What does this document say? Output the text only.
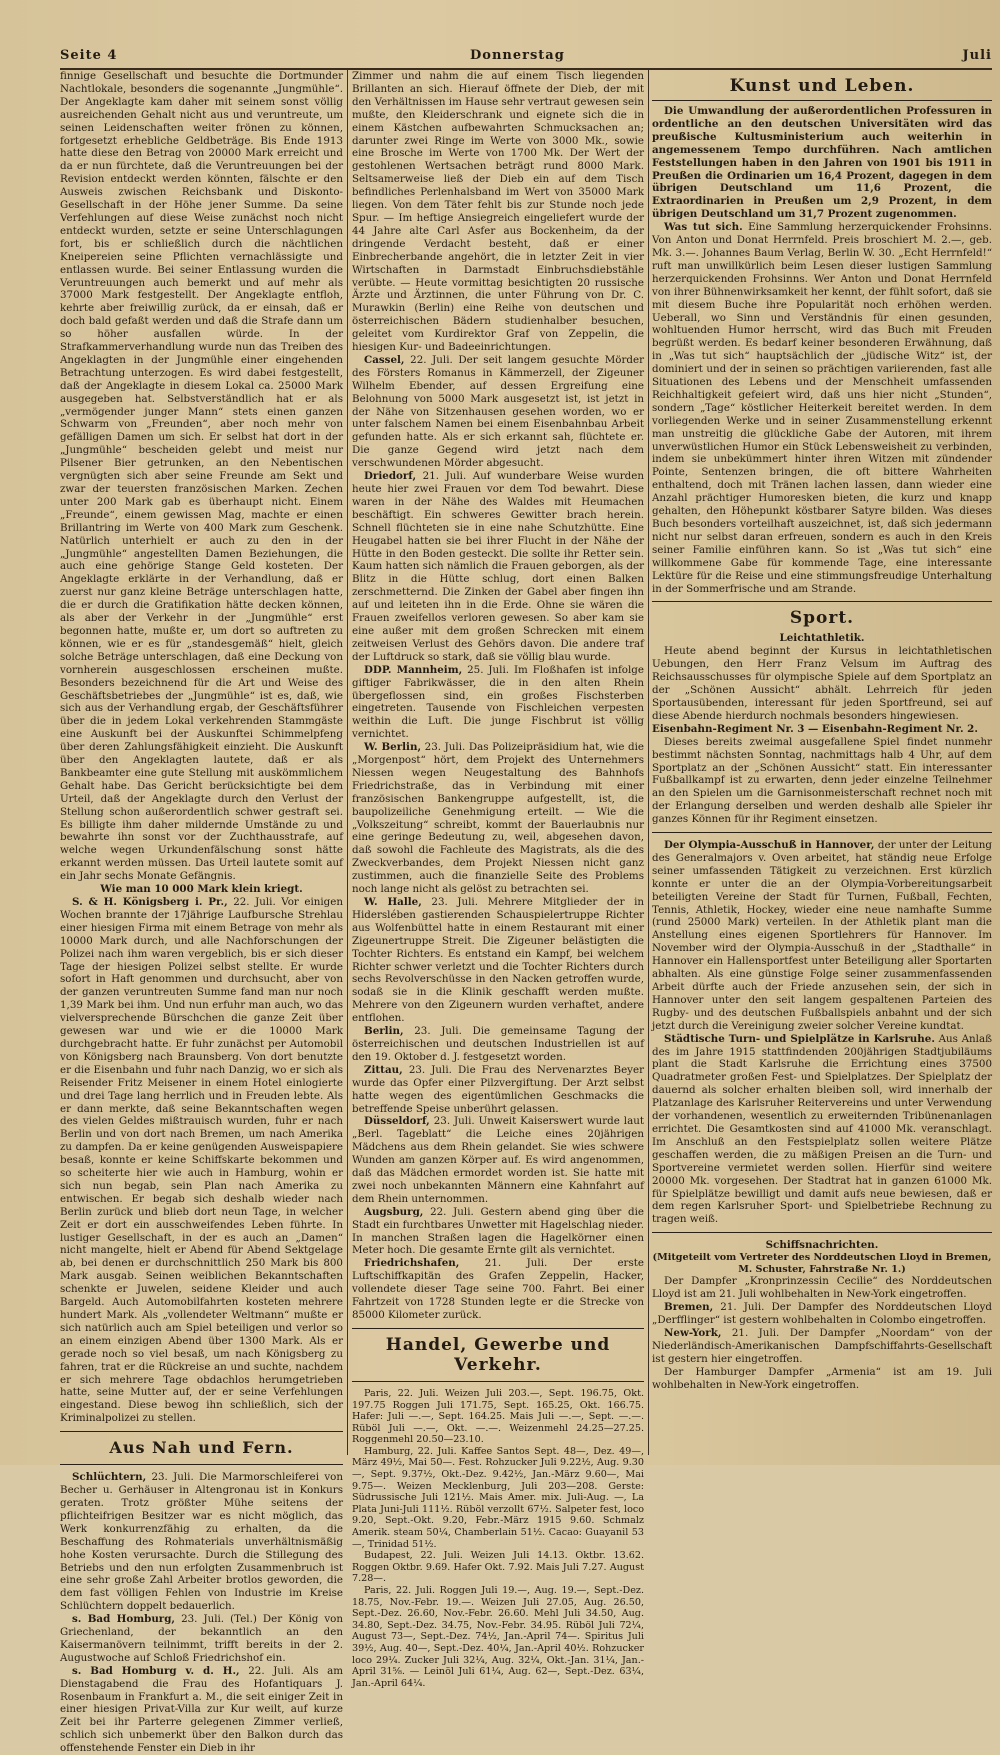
Seite 4	Donnerstag	Juli

finnige Gesellschaft und besuchte die Dortmunder Nachtlokale, besonders die sogenannte „Jungmühle“. Der Angeklagte kam daher mit seinem sonst völlig ausreichenden Gehalt nicht aus und veruntreute, um seinen Leidenschaften weiter frönen zu können, fortgesetzt erhebliche Geldbeträge. Bis Ende 1913 hatte diese den Betrag von 20000 Mark erreicht und da er nun fürchtete, daß die Veruntreuungen bei der Revision entdeckt werden könnten, fälschte er den Ausweis zwischen Reichsbank und Diskonto-Gesellschaft in der Höhe jener Summe. Da seine Verfehlungen auf diese Weise zunächst noch nicht entdeckt wurden, setzte er seine Unterschlagungen fort, bis er schließlich durch die nächtlichen Kneipereien seine Pflichten vernachlässigte und entlassen wurde. Bei seiner Entlassung wurden die Veruntreuungen auch bemerkt und auf mehr als 37000 Mark festgestellt. Der Angeklagte entfloh, kehrte aber freiwillig zurück, da er einsah, daß er doch bald gefaßt werden und daß die Strafe dann um so höher ausfallen würde. In der Strafkammerverhandlung wurde nun das Treiben des Angeklagten in der Jungmühle einer eingehenden Betrachtung unterzogen. Es wird dabei festgestellt, daß der Angeklagte in diesem Lokal ca. 25000 Mark ausgegeben hat. Selbstverständlich hat er als „vermögender junger Mann“ stets einen ganzen Schwarm von „Freunden“, aber noch mehr von gefälligen Damen um sich. Er selbst hat dort in der „Jungmühle“ bescheiden gelebt und meist nur Pilsener Bier getrunken, an den Nebentischen vergnügten sich aber seine Freunde am Sekt und zwar der teuersten französischen Marken. Zechen unter 200 Mark gab es überhaupt nicht. Einem „Freunde“, einem gewissen Mag, machte er einen Brillantring im Werte von 400 Mark zum Geschenk. Natürlich unterhielt er auch zu den in der „Jungmühle“ angestellten Damen Beziehungen, die auch eine gehörige Stange Geld kosteten. Der Angeklagte erklärte in der Verhandlung, daß er zuerst nur ganz kleine Beträge unterschlagen hatte, die er durch die Gratifikation hätte decken können, als aber der Verkehr in der „Jungmühle“ erst begonnen hatte, mußte er, um dort so auftreten zu können, wie er es für „standesgemäß“ hielt, gleich solche Beträge unterschlagen, daß eine Deckung von vornherein ausgeschlossen erscheinen mußte. Besonders bezeichnend für die Art und Weise des Geschäftsbetriebes der „Jungmühle“ ist es, daß, wie sich aus der Verhandlung ergab, der Geschäftsführer über die in jedem Lokal verkehrenden Stammgäste eine Auskunft bei der Auskunftei Schimmelpfeng über deren Zahlungsfähigkeit einzieht. Die Auskunft über den Angeklagten lautete, daß er als Bankbeamter eine gute Stellung mit auskömmlichem Gehalt habe. Das Gericht berücksichtigte bei dem Urteil, daß der Angeklagte durch den Verlust der Stellung schon außerordentlich schwer gestraft sei. Es billigte ihm daher mildernde Umstände zu und bewahrte ihn sonst vor der Zuchthausstrafe, auf welche wegen Urkundenfälschung sonst hätte erkannt werden müssen. Das Urteil lautete somit auf ein Jahr sechs Monate Gefängnis.

Wie man 10 000 Mark klein kriegt.

S. & H. Königsberg i. Pr., 22. Juli. Vor einigen Wochen brannte der 17jährige Laufbursche Strehlau einer hiesigen Firma mit einem Betrage von mehr als 10000 Mark durch, und alle Nachforschungen der Polizei nach ihm waren vergeblich, bis er sich dieser Tage der hiesigen Polizei selbst stellte. Er wurde sofort in Haft genommen und durchsucht, aber von der ganzen veruntreuten Summe fand man nur noch 1,39 Mark bei ihm. Und nun erfuhr man auch, wo das vielversprechende Bürschchen die ganze Zeit über gewesen war und wie er die 10000 Mark durchgebracht hatte. Er fuhr zunächst per Automobil von Königsberg nach Braunsberg. Von dort benutzte er die Eisenbahn und fuhr nach Danzig, wo er sich als Reisender Fritz Meisener in einem Hotel einlogierte und drei Tage lang herrlich und in Freuden lebte. Als er dann merkte, daß seine Bekanntschaften wegen des vielen Geldes mißtrauisch wurden, fuhr er nach Berlin und von dort nach Bremen, um nach Amerika zu dampfen. Da er keine genügenden Ausweispapiere besaß, konnte er keine Schiffskarte bekommen und so scheiterte hier wie auch in Hamburg, wohin er sich nun begab, sein Plan nach Amerika zu entwischen. Er begab sich deshalb wieder nach Berlin zurück und blieb dort neun Tage, in welcher Zeit er dort ein ausschweifendes Leben führte. In lustiger Gesellschaft, in der es auch an „Damen“ nicht mangelte, hielt er Abend für Abend Sektgelage ab, bei denen er durchschnittlich 250 Mark bis 800 Mark ausgab. Seinen weiblichen Bekanntschaften schenkte er Juwelen, seidene Kleider und auch Bargeld. Auch Automobilfahrten kosteten mehrere hundert Mark. Als „vollendeter Weltmann“ mußte er sich natürlich auch am Spiel beteiligen und verlor so an einem einzigen Abend über 1300 Mark. Als er gerade noch so viel besaß, um nach Königsberg zu fahren, trat er die Rückreise an und suchte, nachdem er sich mehrere Tage obdachlos herumgetrieben hatte, seine Mutter auf, der er seine Verfehlungen eingestand. Diese bewog ihn schließlich, sich der Kriminalpolizei zu stellen.

Aus Nah und Fern.

Schlüchtern, 23. Juli. Die Marmorschleiferei von Becher u. Gerhäuser in Altengronau ist in Konkurs geraten. Trotz größter Mühe seitens der pflichteifrigen Besitzer war es nicht möglich, das Werk konkurrenzfähig zu erhalten, da die Beschaffung des Rohmaterials unverhältnismäßig hohe Kosten verursachte. Durch die Stillegung des Betriebs und den nun erfolgten Zusammenbruch ist eine sehr große Zahl Arbeiter brotlos geworden, die dem fast völligen Fehlen von Industrie im Kreise Schlüchtern doppelt bedauerlich.

s. Bad Homburg, 23. Juli. (Tel.) Der König von Griechenland, der bekanntlich an den Kaisermanövern teilnimmt, trifft bereits in der 2. Augustwoche auf Schloß Friedrichshof ein.

s. Bad Homburg v. d. H., 22. Juli. Als am Dienstagabend die Frau des Hofantiquars J. Rosenbaum in Frankfurt a. M., die seit einiger Zeit in einer hiesigen Privat-Villa zur Kur weilt, auf kurze Zeit bei ihr Parterre gelegenen Zimmer verließ, schlich sich unbemerkt über den Balkon durch das offenstehende Fenster ein Dieb in ihr

Zimmer und nahm die auf einem Tisch liegenden Brillanten an sich. Hierauf öffnete der Dieb, der mit den Verhältnissen im Hause sehr vertraut gewesen sein mußte, den Kleiderschrank und eignete sich die in einem Kästchen aufbewahrten Schmucksachen an; darunter zwei Ringe im Werte von 3000 Mk., sowie eine Brosche im Werte von 1700 Mk. Der Wert der gestohlenen Wertsachen beträgt rund 8000 Mark. Seltsamerweise ließ der Dieb ein auf dem Tisch befindliches Perlenhalsband im Wert von 35000 Mark liegen. Von dem Täter fehlt bis zur Stunde noch jede Spur. — Im heftige Ansiegreich eingeliefert wurde der 44 Jahre alte Carl Asfer aus Bockenheim, da der dringende Verdacht besteht, daß er einer Einbrecherbande angehört, die in letzter Zeit in vier Wirtschaften in Darmstadt Einbruchsdiebstähle verübte. — Heute vormittag besichtigten 20 russische Ärzte und Ärztinnen, die unter Führung von Dr. C. Murawkin (Berlin) eine Reihe von deutschen und österreichischen Bädern studienhalber besuchen, geleitet vom Kurdirektor Graf von Zeppelin, die hiesigen Kur- und Badeeinrichtungen.

Cassel, 22. Juli. Der seit langem gesuchte Mörder des Försters Romanus in Kämmerzell, der Zigeuner Wilhelm Ebender, auf dessen Ergreifung eine Belohnung von 5000 Mark ausgesetzt ist, ist jetzt in der Nähe von Sitzenhausen gesehen worden, wo er unter falschem Namen bei einem Eisenbahnbau Arbeit gefunden hatte. Als er sich erkannt sah, flüchtete er. Die ganze Gegend wird jetzt nach dem verschwundenen Mörder abgesucht.

Driedorf, 21. Juli. Auf wunderbare Weise wurden heute hier zwei Frauen vor dem Tod bewahrt. Diese waren in der Nähe des Waldes mit Heumachen beschäftigt. Ein schweres Gewitter brach herein. Schnell flüchteten sie in eine nahe Schutzhütte. Eine Heugabel hatten sie bei ihrer Flucht in der Nähe der Hütte in den Boden gesteckt. Die sollte ihr Retter sein. Kaum hatten sich nämlich die Frauen geborgen, als der Blitz in die Hütte schlug, dort einen Balken zerschmetternd. Die Zinken der Gabel aber fingen ihn auf und leiteten ihn in die Erde. Ohne sie wären die Frauen zweifellos verloren gewesen. So aber kam sie eine außer mit dem großen Schrecken mit einem zeitweisen Verlust des Gehörs davon. Die andere traf der Luftdruck so stark, daß sie völlig blau wurde.

DDP. Mannheim, 25. Juli. Im Floßhafen ist infolge giftiger Fabrikwässer, die in den alten Rhein übergeflossen sind, ein großes Fischsterben eingetreten. Tausende von Fischleichen verpesten weithin die Luft. Die junge Fischbrut ist völlig vernichtet.

W. Berlin, 23. Juli. Das Polizeipräsidium hat, wie die „Morgenpost“ hört, dem Projekt des Unternehmers Niessen wegen Neugestaltung des Bahnhofs Friedrichstraße, das in Verbindung mit einer französischen Bankengruppe aufgestellt, ist, die baupolizeiliche Genehmigung erteilt. — Wie die „Volkszeitung“ schreibt, kommt der Bauerlaubnis nur eine geringe Bedeutung zu, weil, abgesehen davon, daß sowohl die Fachleute des Magistrats, als die des Zweckverbandes, dem Projekt Niessen nicht ganz zustimmen, auch die finanzielle Seite des Problems noch lange nicht als gelöst zu betrachten sei.

W. Halle, 23. Juli. Mehrere Mitglieder der in Hiderslében gastierenden Schauspielertruppe Richter aus Wolfenbüttel hatte in einem Restaurant mit einer Zigeunertruppe Streit. Die Zigeuner belästigten die Tochter Richters. Es entstand ein Kampf, bei welchem Richter schwer verletzt und die Tochter Richters durch sechs Revolverschüsse in den Nacken getroffen wurde, sodaß sie in die Klinik geschafft werden mußte. Mehrere von den Zigeunern wurden verhaftet, andere entflohen.

Berlin, 23. Juli. Die gemeinsame Tagung der österreichischen und deutschen Industriellen ist auf den 19. Oktober d. J. festgesetzt worden.

Zittau, 23. Juli. Die Frau des Nervenarztes Beyer wurde das Opfer einer Pilzvergiftung. Der Arzt selbst hatte wegen des eigentümlichen Geschmacks die betreffende Speise unberührt gelassen.

Düsseldorf, 23. Juli. Unweit Kaiserswert wurde laut „Berl. Tageblatt“ die Leiche eines 20jährigen Mädchens aus dem Rhein gelandet. Sie wies schwere Wunden am ganzen Körper auf. Es wird angenommen, daß das Mädchen ermordet worden ist. Sie hatte mit zwei noch unbekannten Männern eine Kahnfahrt auf dem Rhein unternommen.

Augsburg, 22. Juli. Gestern abend ging über die Stadt ein furchtbares Unwetter mit Hagelschlag nieder. In manchen Straßen lagen die Hagelkörner einen Meter hoch. Die gesamte Ernte gilt als vernichtet.

Friedrichshafen, 21. Juli. Der erste Luftschiffkapitän des Grafen Zeppelin, Hacker, vollendete dieser Tage seine 700. Fahrt. Bei einer Fahrtzeit von 1728 Stunden legte er die Strecke von 85000 Kilometer zurück.

Handel, Gewerbe und Verkehr.

Paris, 22. Juli. Weizen Juli 203.—, Sept. 196.75, Okt. 197.75 Roggen Juli 171.75, Sept. 165.25, Okt. 166.75. Hafer: Juli —.—, Sept. 164.25. Mais Juli —.—, Sept. —.—. Rüböl Juli —.—, Okt. —.—. Weizenmehl 24.25—27.25. Roggenmehl 20.50—23.10.

Hamburg, 22. Juli. Kaffee Santos Sept. 48—, Dez. 49—, März 49½, Mai 50—. Fest. Rohzucker Juli 9.22½, Aug. 9.30—, Sept. 9.37½, Okt.-Dez. 9.42½, Jan.-März 9.60—, Mai 9.75—. Weizen Mecklenburg, Juli 203—208. Gerste: Südrussische Juli 121½. Mais Amer. mix. Juli-Aug. —, La Plata Juni-Juli 111½. Rüböl verzollt 67½. Salpeter fest, loco 9.20, Sept.-Okt. 9.20, Febr.-März 1915 9.60. Schmalz Amerik. steam 50¼, Chamberlain 51½. Cacao: Guayanil 53—, Trinidad 51½.

Budapest, 22. Juli. Weizen Juli 14.13. Oktbr. 13.62. Roggen Oktbr. 9.69. Hafer Okt. 7.92. Mais Juli 7.27. August 7.28—.

Paris, 22. Juli. Roggen Juli 19.—, Aug. 19.—, Sept.-Dez. 18.75, Nov.-Febr. 19.—. Weizen Juli 27.05, Aug. 26.50, Sept.-Dez. 26.60, Nov.-Febr. 26.60. Mehl Juli 34.50, Aug. 34.80, Sept.-Dez. 34.75, Nov.-Febr. 34.95. Rüböl Juli 72¼, August 73—, Sept.-Dez. 74½, Jan.-April 74—. Spiritus Juli 39½, Aug. 40—, Sept.-Dez. 40¼, Jan.-April 40½. Rohzucker loco 29¼. Zucker Juli 32¼, Aug. 32¼, Okt.-Jan. 31¼, Jan.-April 31⅝. — Leinöl Juli 61¼, Aug. 62—, Sept.-Dez. 63¼, Jan.-April 64¼.

Kunst und Leben.

Die Umwandlung der außerordentlichen Professuren in ordentliche an den deutschen Universitäten wird das preußische Kultusministerium auch weiterhin in angemessenem Tempo durchführen. Nach amtlichen Feststellungen haben in den Jahren von 1901 bis 1911 in Preußen die Ordinarien um 16,4 Prozent, dagegen in dem übrigen Deutschland um 11,6 Prozent, die Extraordinarien in Preußen um 2,9 Prozent, in dem übrigen Deutschland um 31,7 Prozent zugenommen.

Was tut sich. Eine Sammlung herzerquickender Frohsinns. Von Anton und Donat Herrnfeld. Preis broschiert M. 2.—, geb. Mk. 3.—. Johannes Baum Verlag, Berlin W. 30. „Echt Herrnfeld!“ ruft man unwillkürlich beim Lesen dieser lustigen Sammlung herzerquickenden Frohsinns. Wer Anton und Donat Herrnfeld von ihrer Bühnenwirksamkeit her kennt, der fühlt sofort, daß sie mit diesem Buche ihre Popularität noch erhöhen werden. Ueberall, wo Sinn und Verständnis für einen gesunden, wohltuenden Humor herrscht, wird das Buch mit Freuden begrüßt werden. Es bedarf keiner besonderen Erwähnung, daß in „Was tut sich“ hauptsächlich der „jüdische Witz“ ist, der dominiert und der in seinen so prächtigen variierenden, fast alle Situationen des Lebens und der Menschheit umfassenden Reichhaltigkeit gefeiert wird, daß uns hier nicht „Stunden“, sondern „Tage“ köstlicher Heiterkeit bereitet werden. In dem vorliegenden Werke und in seiner Zusammenstellung erkennt man unstreitig die glückliche Gabe der Autoren, mit ihrem unverwüstlichen Humor ein Stück Lebensweisheit zu verbinden, indem sie unbekümmert hinter ihren Witzen mit zündender Pointe, Sentenzen bringen, die oft bittere Wahrheiten enthaltend, doch mit Tränen lachen lassen, dann wieder eine Anzahl prächtiger Humoresken bieten, die kurz und knapp gehalten, den Höhepunkt köstbarer Satyre bilden. Was dieses Buch besonders vorteilhaft auszeichnet, ist, daß sich jedermann nicht nur selbst daran erfreuen, sondern es auch in den Kreis seiner Familie einführen kann. So ist „Was tut sich“ eine willkommene Gabe für kommende Tage, eine interessante Lektüre für die Reise und eine stimmungsfreudige Unterhaltung in der Sommerfrische und am Strande.

Sport.

Leichtathletik.

Heute abend beginnt der Kursus in leichtathletischen Uebungen, den Herr Franz Velsum im Auftrag des Reichsausschusses für olympische Spiele auf dem Sportplatz an der „Schönen Aussicht“ abhält. Lehrreich für jeden Sportausübenden, interessant für jeden Sportfreund, sei auf diese Abende hierdurch nochmals besonders hingewiesen.

Eisenbahn-Regiment Nr. 3 — Eisenbahn-Regiment Nr. 2.

Dieses bereits zweimal ausgefallene Spiel findet nunmehr bestimmt nächsten Sonntag, nachmittags halb 4 Uhr, auf dem Sportplatz an der „Schönen Aussicht“ statt. Ein interessanter Fußballkampf ist zu erwarten, denn jeder einzelne Teilnehmer an den Spielen um die Garnisonmeisterschaft rechnet noch mit der Erlangung derselben und werden deshalb alle Spieler ihr ganzes Können für ihr Regiment einsetzen.

Der Olympia-Ausschuß in Hannover, der unter der Leitung des Generalmajors v. Oven arbeitet, hat ständig neue Erfolge seiner umfassenden Tätigkeit zu verzeichnen. Erst kürzlich konnte er unter die an der Olympia-Vorbereitungsarbeit beteiligten Vereine der Stadt für Turnen, Fußball, Fechten, Tennis, Athletik, Hockey, wieder eine neue namhafte Summe (rund 25000 Mark) verteilen. In der Athletik plant man die Anstellung eines eigenen Sportlehrers für Hannover. Im November wird der Olympia-Ausschuß in der „Stadthalle“ in Hannover ein Hallensportfest unter Beteiligung aller Sportarten abhalten. Als eine günstige Folge seiner zusammenfassenden Arbeit dürfte auch der Friede anzusehen sein, der sich in Hannover unter den seit langem gespaltenen Parteien des Rugby- und des deutschen Fußballspiels anbahnt und der sich jetzt durch die Vereinigung zweier solcher Vereine kundtat.

Städtische Turn- und Spielplätze in Karlsruhe. Aus Anlaß des im Jahre 1915 stattfindenden 200jährigen Stadtjubiläums plant die Stadt Karlsruhe die Errichtung eines 37500 Quadratmeter großen Fest- und Spielplatzes. Der Spielplatz der dauernd als solcher erhalten bleiben soll, wird innerhalb der Platzanlage des Karlsruher Reitervereins und unter Verwendung der vorhandenen, wesentlich zu erweiternden Tribünenanlagen errichtet. Die Gesamtkosten sind auf 41000 Mk. veranschlagt. Im Anschluß an den Festspielplatz sollen weitere Plätze geschaffen werden, die zu mäßigen Preisen an die Turn- und Sportvereine vermietet werden sollen. Hierfür sind weitere 20000 Mk. vorgesehen. Der Stadtrat hat in ganzen 61000 Mk. für Spielplätze bewilligt und damit aufs neue bewiesen, daß er dem regen Karlsruher Sport- und Spielbetriebe Rechnung zu tragen weiß.

Schiffsnachrichten.

(Mitgeteilt vom Vertreter des Norddeutschen Lloyd in Bremen, M. Schuster, Fahrstraße Nr. 1.)

Der Dampfer „Kronprinzessin Cecilie“ des Norddeutschen Lloyd ist am 21. Juli wohlbehalten in New-York eingetroffen.

Bremen, 21. Juli. Der Dampfer des Norddeutschen Lloyd „Derfflinger“ ist gestern wohlbehalten in Colombo eingetroffen.

New-York, 21. Juli. Der Dampfer „Noordam“ von der Niederländisch-Amerikanischen Dampfschiffahrts-Gesellschaft ist gestern hier eingetroffen.

Der Hamburger Dampfer „Armenia“ ist am 19. Juli wohlbehalten in New-York eingetroffen.
